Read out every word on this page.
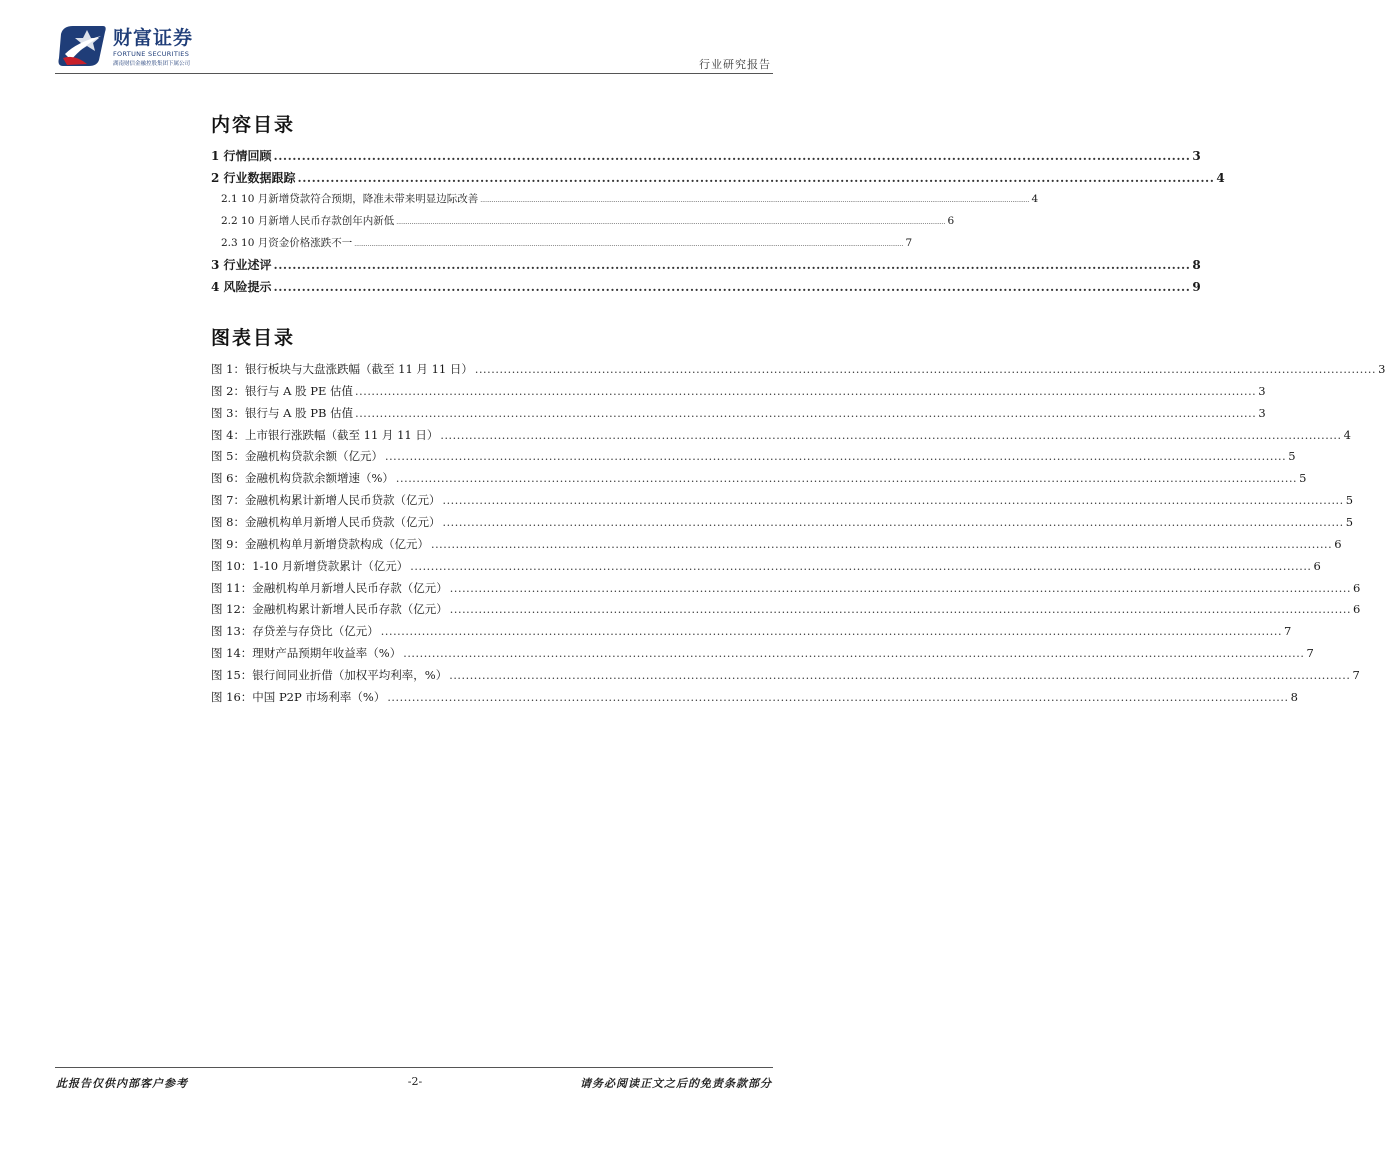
财富证券
FORTUNE SECURITIES
湖南财信金融控股集团下属公司	行业研究报告
内容目录
1 行情回顾 .................................................................................................................................................................................................... 3
2 行业数据跟踪 .................................................................................................................................................................................................... 4
2.1 10 月新增贷款符合预期，降准未带来明显边际改善 ................................................................................................................................................................................................................................................................................................ 4
2.2 10 月新增人民币存款创年内新低 ................................................................................................................................................................................................................................................................................................ 6
2.3 10 月资金价格涨跌不一 ................................................................................................................................................................................................................................................................................................ 7
3 行业述评 .................................................................................................................................................................................................... 8
4 风险提示 .................................................................................................................................................................................................... 9
图表目录
图 1：银行板块与大盘涨跌幅（截至 11 月 11 日） ............................................................................................................................................................................................................................ 3
图 2：银行与 A 股 PE 估值 ............................................................................................................................................................................................................................ 3
图 3：银行与 A 股 PB 估值 ............................................................................................................................................................................................................................ 3
图 4：上市银行涨跌幅（截至 11 月 11 日） ............................................................................................................................................................................................................................ 4
图 5：金融机构贷款余额（亿元） ............................................................................................................................................................................................................................ 5
图 6：金融机构贷款余额增速（%） ............................................................................................................................................................................................................................ 5
图 7：金融机构累计新增人民币贷款（亿元） ............................................................................................................................................................................................................................ 5
图 8：金融机构单月新增人民币贷款（亿元） ............................................................................................................................................................................................................................ 5
图 9：金融机构单月新增贷款构成（亿元） ............................................................................................................................................................................................................................ 6
图 10：1-10 月新增贷款累计（亿元） ............................................................................................................................................................................................................................ 6
图 11：金融机构单月新增人民币存款（亿元） ............................................................................................................................................................................................................................ 6
图 12：金融机构累计新增人民币存款（亿元） ............................................................................................................................................................................................................................ 6
图 13：存贷差与存贷比（亿元） ............................................................................................................................................................................................................................ 7
图 14：理财产品预期年收益率（%） ............................................................................................................................................................................................................................ 7
图 15：银行间同业折借（加权平均利率，%） ............................................................................................................................................................................................................................ 7
图 16：中国 P2P 市场利率（%） ............................................................................................................................................................................................................................ 8
此报告仅供内部客户参考	-2-	请务必阅读正文之后的免责条款部分
